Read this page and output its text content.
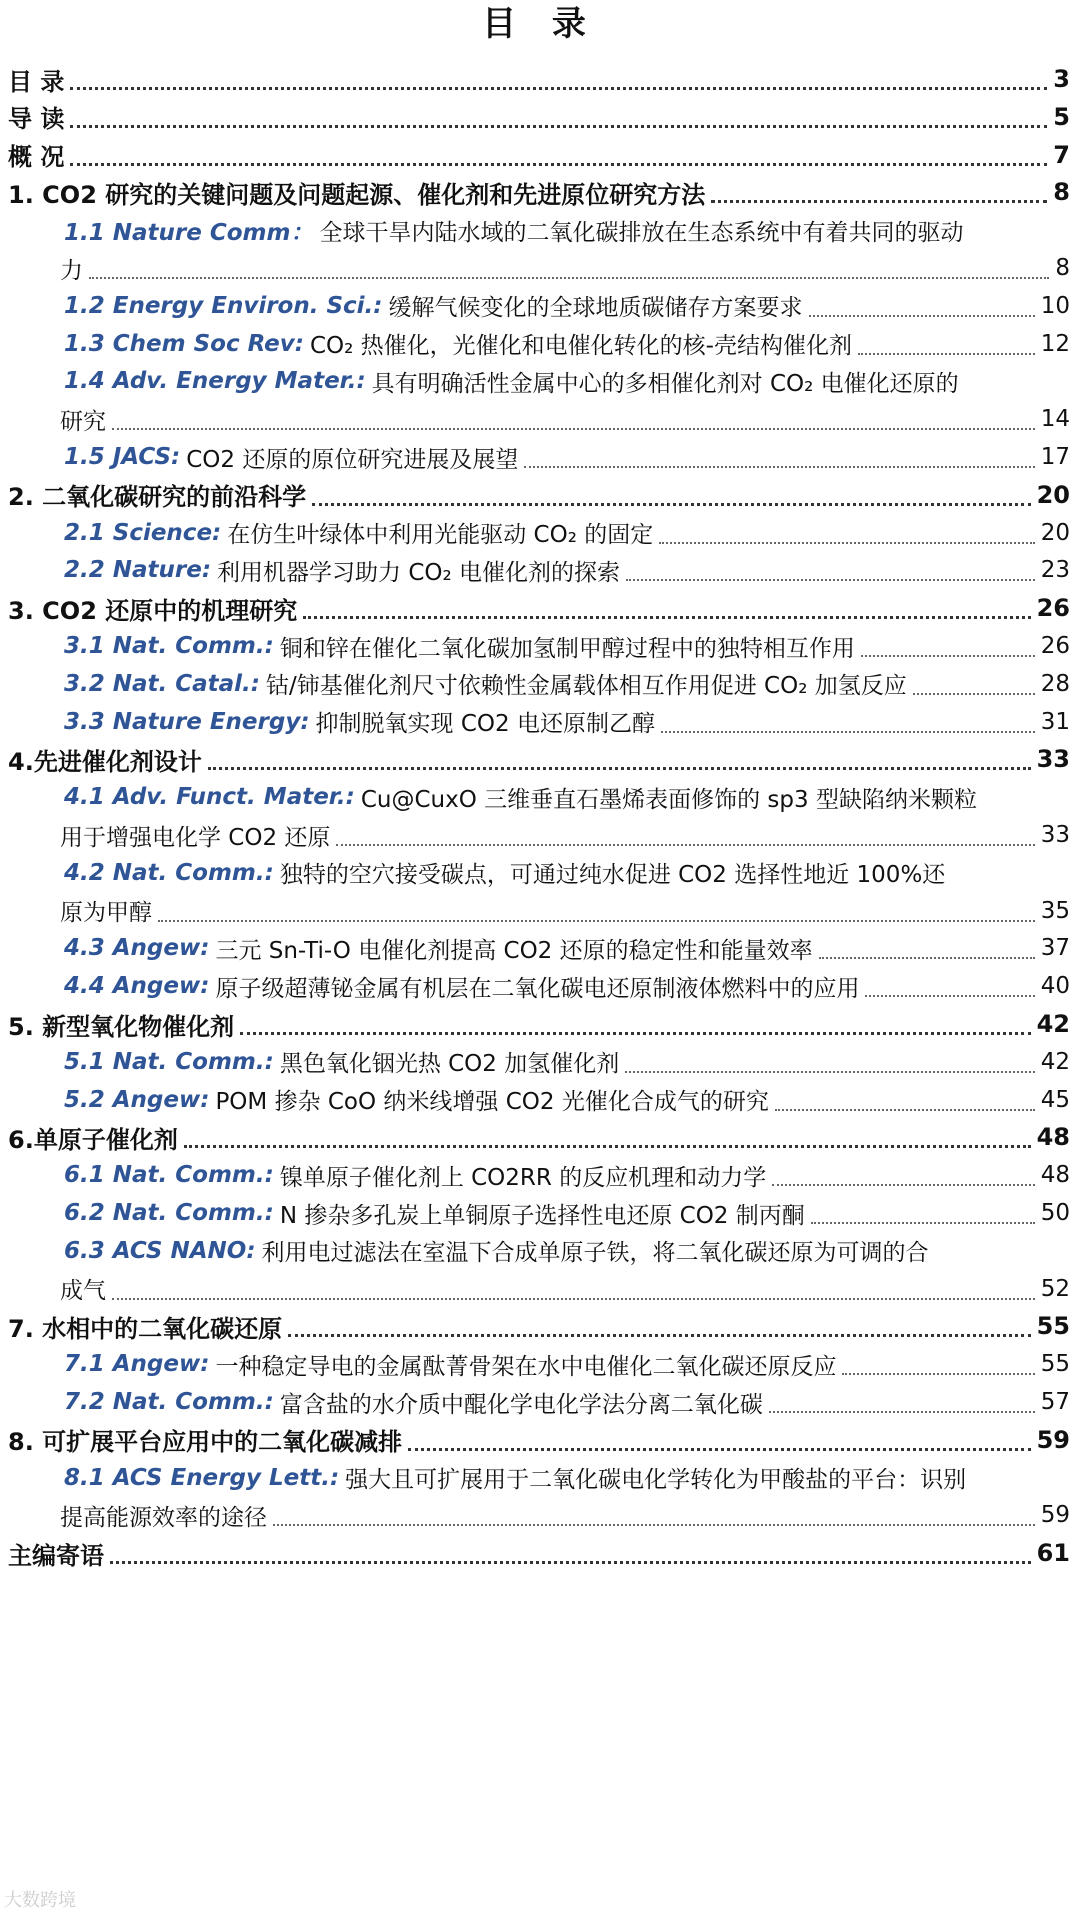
目 录
目 录	3
导 读	5
概 况	7
1. CO2 研究的关键问题及问题起源、催化剂和先进原位研究方法	8
1.1 Nature Comm： 全球干旱内陆水域的二氧化碳排放在生态系统中有着共同的驱动
力	8
1.2 Energy Environ. Sci.: 缓解气候变化的全球地质碳储存方案要求	10
1.3 Chem Soc Rev: CO₂ 热催化，光催化和电催化转化的核-壳结构催化剂	12
1.4 Adv. Energy Mater.: 具有明确活性金属中心的多相催化剂对 CO₂ 电催化还原的
研究	14
1.5 JACS: CO2 还原的原位研究进展及展望	17
2. 二氧化碳研究的前沿科学	20
2.1 Science: 在仿生叶绿体中利用光能驱动 CO₂ 的固定	20
2.2 Nature: 利用机器学习助力 CO₂ 电催化剂的探索	23
3. CO2 还原中的机理研究	26
3.1 Nat. Comm.: 铜和锌在催化二氧化碳加氢制甲醇过程中的独特相互作用	26
3.2 Nat. Catal.: 钴/铈基催化剂尺寸依赖性金属载体相互作用促进 CO₂ 加氢反应	28
3.3 Nature Energy: 抑制脱氧实现 CO2 电还原制乙醇	31
4.先进催化剂设计	33
4.1 Adv. Funct. Mater.: Cu@CuxO 三维垂直石墨烯表面修饰的 sp3 型缺陷纳米颗粒
用于增强电化学 CO2 还原	33
4.2 Nat. Comm.: 独特的空穴接受碳点，可通过纯水促进 CO2 选择性地近 100%还
原为甲醇	35
4.3 Angew: 三元 Sn-Ti-O 电催化剂提高 CO2 还原的稳定性和能量效率	37
4.4 Angew: 原子级超薄铋金属有机层在二氧化碳电还原制液体燃料中的应用	40
5. 新型氧化物催化剂	42
5.1 Nat. Comm.: 黑色氧化铟光热 CO2 加氢催化剂	42
5.2 Angew: POM 掺杂 CoO 纳米线增强 CO2 光催化合成气的研究	45
6.单原子催化剂	48
6.1 Nat. Comm.: 镍单原子催化剂上 CO2RR 的反应机理和动力学	48
6.2 Nat. Comm.: N 掺杂多孔炭上单铜原子选择性电还原 CO2 制丙酮	50
6.3 ACS NANO: 利用电过滤法在室温下合成单原子铁，将二氧化碳还原为可调的合
成气	52
7. 水相中的二氧化碳还原	55
7.1 Angew: 一种稳定导电的金属酞菁骨架在水中电催化二氧化碳还原反应	55
7.2 Nat. Comm.: 富含盐的水介质中醌化学电化学法分离二氧化碳	57
8. 可扩展平台应用中的二氧化碳减排	59
8.1 ACS Energy Lett.: 强大且可扩展用于二氧化碳电化学转化为甲酸盐的平台：识别
提高能源效率的途径	59
主编寄语	61
大数跨境
